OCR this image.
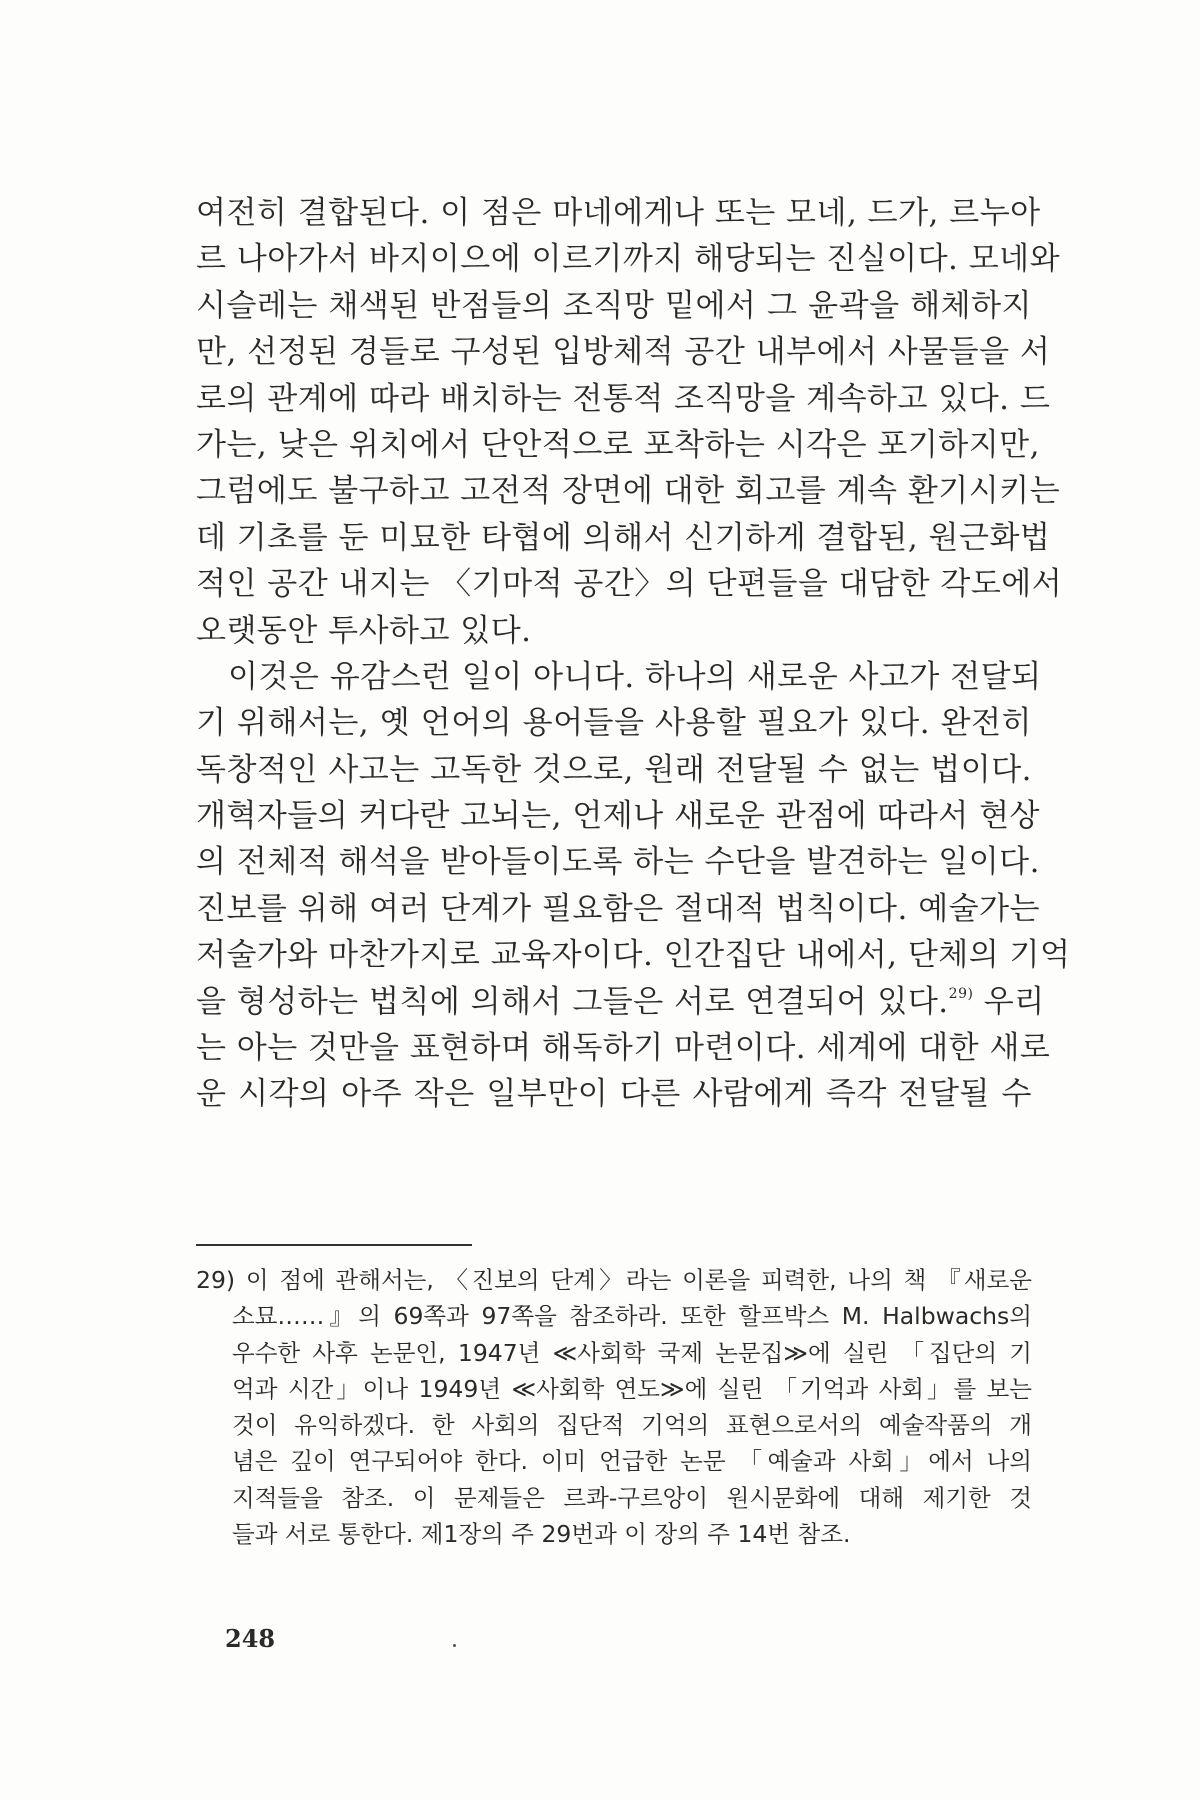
여전히 결합된다. 이 점은 마네에게나 또는 모네, 드가, 르누아
르 나아가서 바지이으에 이르기까지 해당되는 진실이다. 모네와
시슬레는 채색된 반점들의 조직망 밑에서 그 윤곽을 해체하지
만, 선정된 경들로 구성된 입방체적 공간 내부에서 사물들을 서
로의 관계에 따라 배치하는 전통적 조직망을 계속하고 있다. 드
가는, 낮은 위치에서 단안적으로 포착하는 시각은 포기하지만,
그럼에도 불구하고 고전적 장면에 대한 회고를 계속 환기시키는
데 기초를 둔 미묘한 타협에 의해서 신기하게 결합된, 원근화법
적인 공간 내지는 〈기마적 공간〉의 단편들을 대담한 각도에서
오랫동안 투사하고 있다.
이것은 유감스런 일이 아니다. 하나의 새로운 사고가 전달되
기 위해서는, 옛 언어의 용어들을 사용할 필요가 있다. 완전히
독창적인 사고는 고독한 것으로, 원래 전달될 수 없는 법이다.
개혁자들의 커다란 고뇌는, 언제나 새로운 관점에 따라서 현상
의 전체적 해석을 받아들이도록 하는 수단을 발견하는 일이다.
진보를 위해 여러 단계가 필요함은 절대적 법칙이다. 예술가는
저술가와 마찬가지로 교육자이다. 인간집단 내에서, 단체의 기억
을 형성하는 법칙에 의해서 그들은 서로 연결되어 있다.$^{29)}$ 우리
는 아는 것만을 표현하며 해독하기 마련이다. 세계에 대한 새로
운 시각의 아주 작은 일부만이 다른 사람에게 즉각 전달될 수
29) 이 점에 관해서는, 〈진보의 단계〉라는 이론을 피력한, 나의 책 『새로운
소묘……』의 69쪽과 97쪽을 참조하라. 또한 할프박스 M. Halbwachs의
우수한 사후 논문인, 1947년 ≪사회학 국제 논문집≫에 실린 「집단의 기
억과 시간」이나 1949년 ≪사회학 연도≫에 실린 「기억과 사회」를 보는
것이 유익하겠다. 한 사회의 집단적 기억의 표현으로서의 예술작품의 개
념은 깊이 연구되어야 한다. 이미 언급한 논문 「예술과 사회」에서 나의
지적들을 참조. 이 문제들은 르콰-구르앙이 원시문화에 대해 제기한 것
들과 서로 통한다. 제1장의 주 29번과 이 장의 주 14번 참조.
248
